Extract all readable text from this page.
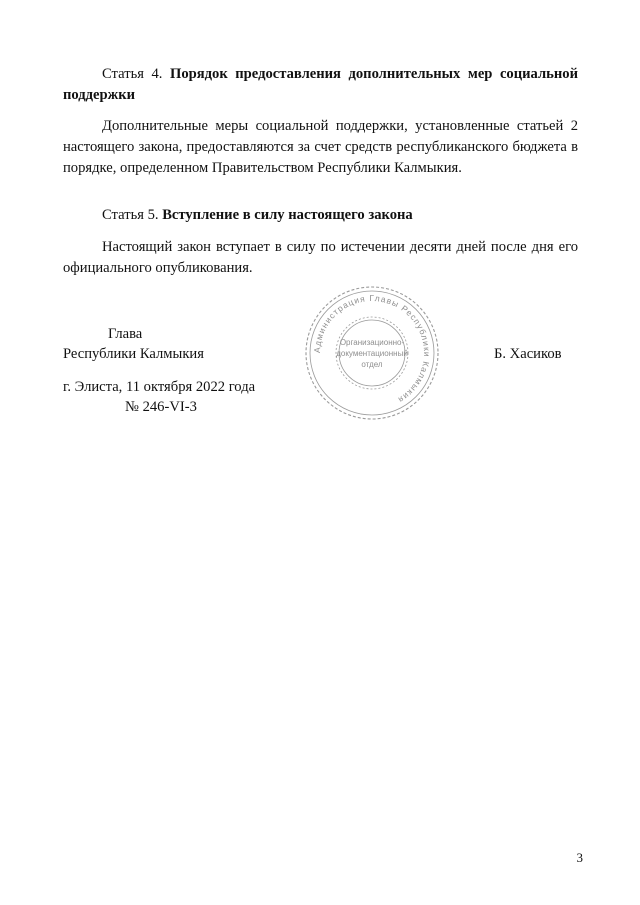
Статья 4. Порядок предоставления дополнительных мер социальной поддержки
Дополнительные меры социальной поддержки, установленные статьей 2 настоящего закона, предоставляются за счет средств республиканского бюджета в порядке, определенном Правительством Республики Калмыкия.
Статья 5. Вступление в силу настоящего закона
Настоящий закон вступает в силу по истечении десяти дней после дня его официального опубликования.
Администрация Главы Республики Калмыкия
Организационно-
документационный
отдел
Глава
Республики Калмыкия	Б. Хасиков
г. Элиста, 11 октября 2022 года
№ 246-VI-3
3
